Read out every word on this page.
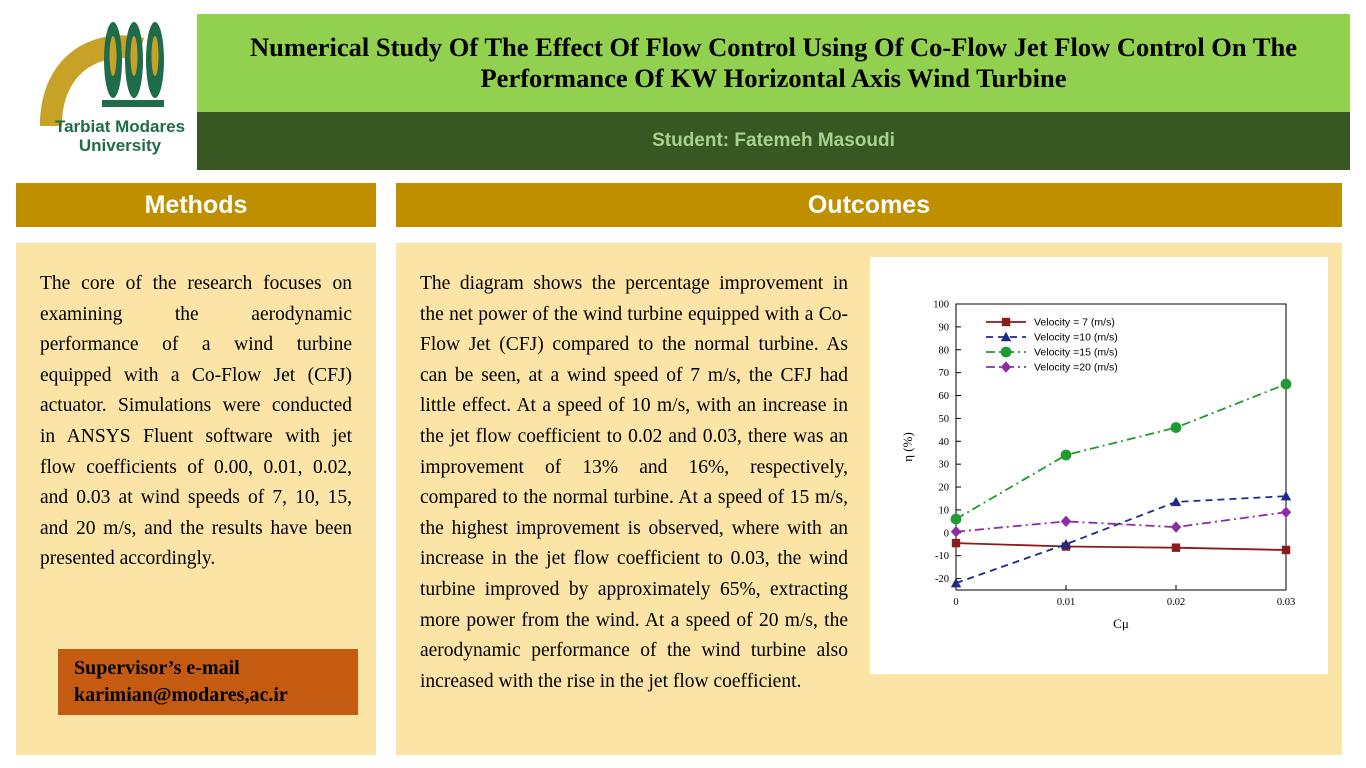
Tarbiat Modares
University
Numerical Study Of The Effect Of Flow Control Using Of Co-Flow Jet Flow Control On The Performance Of KW Horizontal Axis Wind Turbine
Student: Fatemeh Masoudi
Methods	Outcomes
The core of the research focuses on examining the aerodynamic performance of a wind turbine equipped with a Co-Flow Jet (CFJ) actuator. Simulations were conducted in ANSYS Fluent software with jet flow coefficients of 0.00, 0.01, 0.02, and 0.03 at wind speeds of 7, 10, 15, and 20 m/s, and the results have been presented accordingly.
Supervisor’s e-mail
karimian@modares,ac.ir
The diagram shows the percentage improvement in the net power of the wind turbine equipped with a Co-Flow Jet (CFJ) compared to the normal turbine. As can be seen, at a wind speed of 7 m/s, the CFJ had little effect. At a speed of 10 m/s, with an increase in the jet flow coefficient to 0.02 and 0.03, there was an improvement of 13% and 16%, respectively, compared to the normal turbine. At a speed of 15 m/s, the highest improvement is observed, where with an increase in the jet flow coefficient to 0.03, the wind turbine improved by approximately 65%, extracting more power from the wind. At a speed of 20 m/s, the aerodynamic performance of the wind turbine also increased with the rise in the jet flow coefficient.
100
90
80
70
60
50
40
30
20
10
0
-10
-20
0	0.01	0.02	0.03
Cμ
η (%)
Velocity = 7 (m/s)
Velocity =10 (m/s)
Velocity =15 (m/s)
Velocity =20 (m/s)
